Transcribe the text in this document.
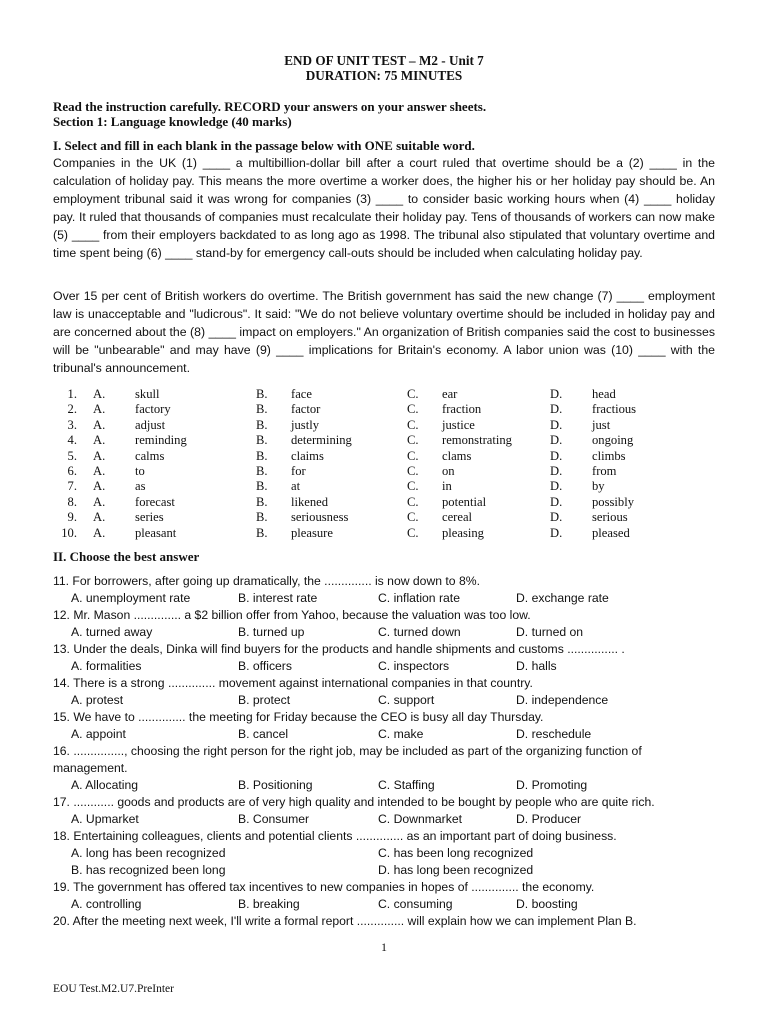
END OF UNIT TEST – M2 - Unit 7
DURATION: 75 MINUTES
Read the instruction carefully. RECORD your answers on your answer sheets.
Section 1: Language knowledge (40 marks)
I. Select and fill in each blank in the passage below with ONE suitable word.
Companies in the UK (1) ____ a multibillion-dollar bill after a court ruled that overtime should be a (2) ____ in the calculation of holiday pay. This means the more overtime a worker does, the higher his or her holiday pay should be. An employment tribunal said it was wrong for companies (3) ____ to consider basic working hours when (4) ____ holiday pay. It ruled that thousands of companies must recalculate their holiday pay. Tens of thousands of workers can now make (5) ____ from their employers backdated to as long ago as 1998. The tribunal also stipulated that voluntary overtime and time spent being (6) ____ stand-by for emergency call-outs should be included when calculating holiday pay.
Over 15 per cent of British workers do overtime. The British government has said the new change (7) ____ employment law is unacceptable and "ludicrous". It said: "We do not believe voluntary overtime should be included in holiday pay and are concerned about the (8) ____ impact on employers." An organization of British companies said the cost to businesses will be "unbearable" and may have (9) ____ implications for Britain's economy. A labor union was (10) ____ with the tribunal's announcement.
1. A. skull	B. face	C. ear	D. head
2. A. factory	B. factor	C. fraction	D. fractious
3. A. adjust	B. justly	C. justice	D. just
4. A. reminding	B. determining	C. remonstrating	D. ongoing
5. A. calms	B. claims	C. clams	D. climbs
6. A. to	B. for	C. on	D. from
7. A. as	B. at	C. in	D. by
8. A. forecast	B. likened	C. potential	D. possibly
9. A. series	B. seriousness	C. cereal	D. serious
10. A. pleasant	B. pleasure	C. pleasing	D. pleased
II. Choose the best answer
11. For borrowers, after going up dramatically, the .............. is now down to 8%.
A. unemployment rate	B. interest rate	C. inflation rate	D. exchange rate
12. Mr. Mason .............. a $2 billion offer from Yahoo, because the valuation was too low.
A. turned away	B. turned up	C. turned down	D. turned on
13. Under the deals, Dinka will find buyers for the products and handle shipments and customs ............... .
A. formalities	B. officers	C. inspectors	D. halls
14. There is a strong .............. movement against international companies in that country.
A. protest	B. protect	C. support	D. independence
15. We have to .............. the meeting for Friday because the CEO is busy all day Thursday.
A. appoint	B. cancel	C. make	D. reschedule
16. ..............., choosing the right person for the right job, may be included as part of the organizing function of management.
A. Allocating	B. Positioning	C. Staffing	D. Promoting
17. ............ goods and products are of very high quality and intended to be bought by people who are quite rich.
A. Upmarket	B. Consumer	C. Downmarket	D. Producer
18. Entertaining colleagues, clients and potential clients .............. as an important part of doing business.
A. long has been recognized	C. has been long recognized
B. has recognized been long	D. has long been recognized
19. The government has offered tax incentives to new companies in hopes of .............. the economy.
A. controlling	B. breaking	C. consuming	D. boosting
20. After the meeting next week, I'll write a formal report .............. will explain how we can implement Plan B.
1
EOU Test.M2.U7.PreInter
